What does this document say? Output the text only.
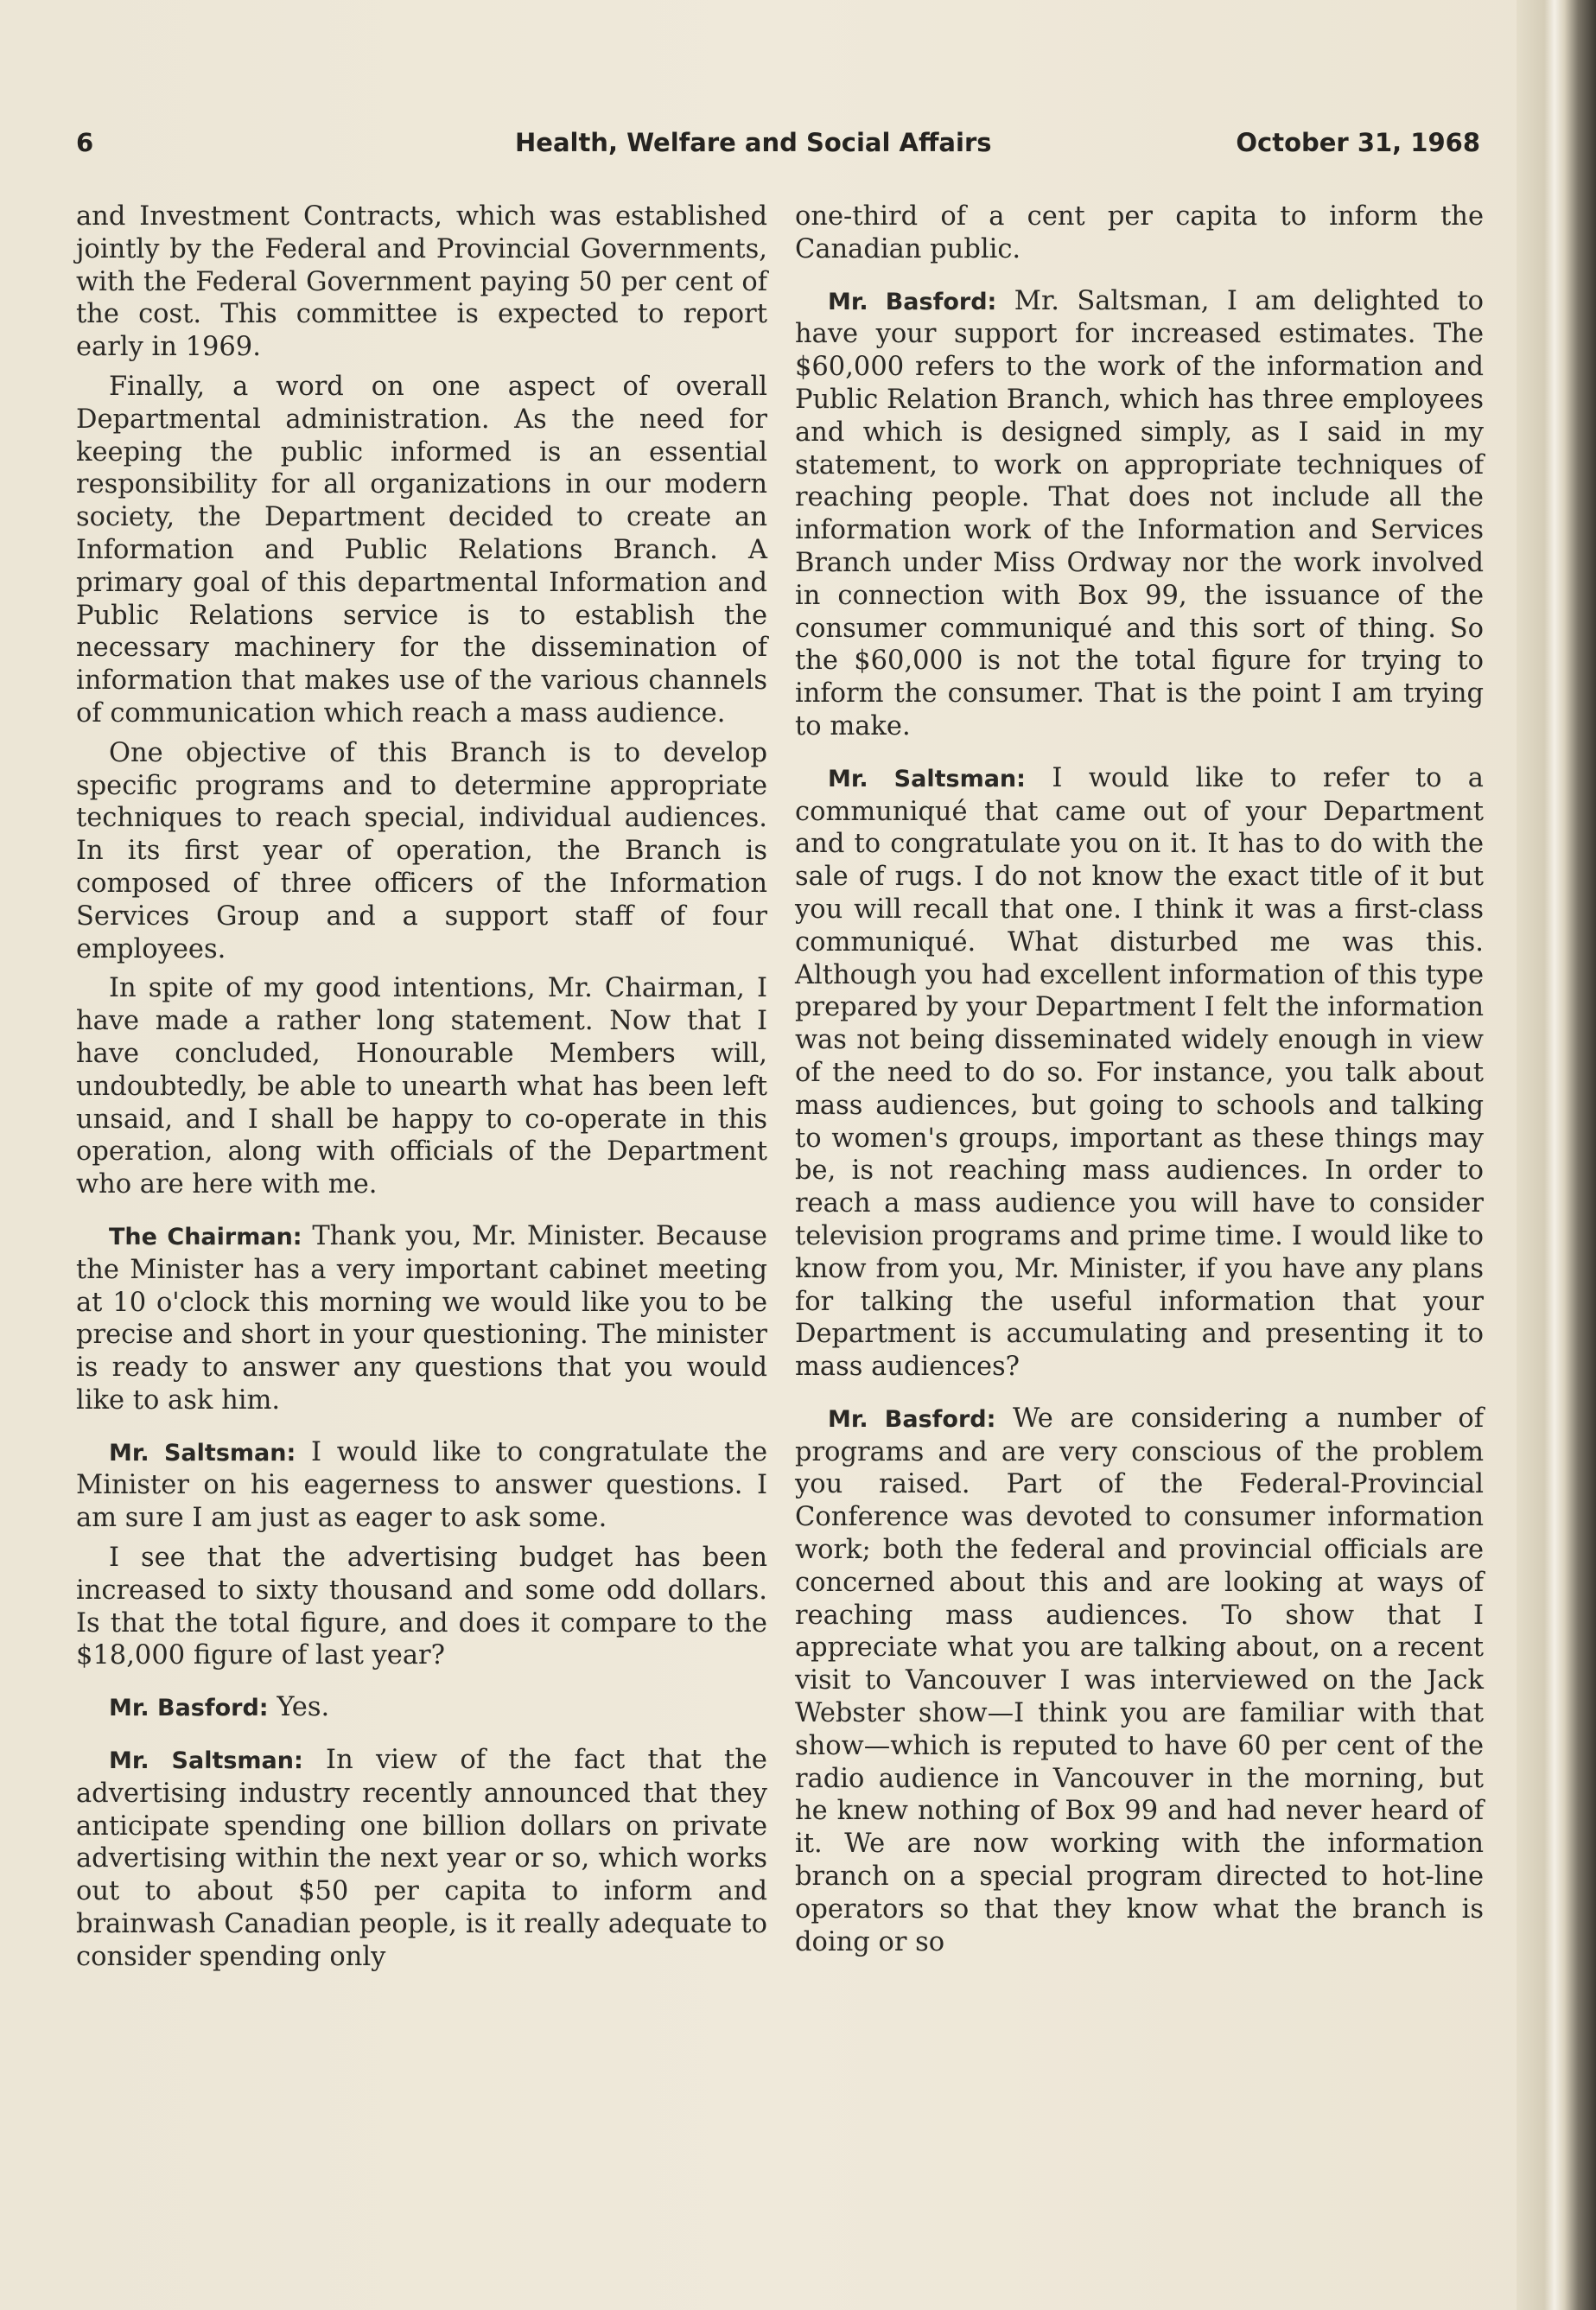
6	Health, Welfare and Social Affairs	October 31, 1968

and Investment Contracts, which was established jointly by the Federal and Provincial Governments, with the Federal Government paying 50 per cent of the cost. This committee is expected to report early in 1969.

Finally, a word on one aspect of overall Departmental administration. As the need for keeping the public informed is an essential responsibility for all organizations in our modern society, the Department decided to create an Information and Public Relations Branch. A primary goal of this departmental Information and Public Relations service is to establish the necessary machinery for the dissemination of information that makes use of the various channels of communication which reach a mass audience.

One objective of this Branch is to develop specific programs and to determine appropriate techniques to reach special, individual audiences. In its first year of operation, the Branch is composed of three officers of the Information Services Group and a support staff of four employees.

In spite of my good intentions, Mr. Chairman, I have made a rather long statement. Now that I have concluded, Honourable Members will, undoubtedly, be able to unearth what has been left unsaid, and I shall be happy to co-operate in this operation, along with officials of the Department who are here with me.

The Chairman: Thank you, Mr. Minister. Because the Minister has a very important cabinet meeting at 10 o'clock this morning we would like you to be precise and short in your questioning. The minister is ready to answer any questions that you would like to ask him.

Mr. Saltsman: I would like to congratulate the Minister on his eagerness to answer questions. I am sure I am just as eager to ask some.

I see that the advertising budget has been increased to sixty thousand and some odd dollars. Is that the total figure, and does it compare to the $18,000 figure of last year?

Mr. Basford: Yes.

Mr. Saltsman: In view of the fact that the advertising industry recently announced that they anticipate spending one billion dollars on private advertising within the next year or so, which works out to about $50 per capita to inform and brainwash Canadian people, is it really adequate to consider spending only

one-third of a cent per capita to inform the Canadian public.

Mr. Basford: Mr. Saltsman, I am delighted to have your support for increased estimates. The $60,000 refers to the work of the information and Public Relation Branch, which has three employees and which is designed simply, as I said in my statement, to work on appropriate techniques of reaching people. That does not include all the information work of the Information and Services Branch under Miss Ordway nor the work involved in connection with Box 99, the issuance of the consumer communiqué and this sort of thing. So the $60,000 is not the total figure for trying to inform the consumer. That is the point I am trying to make.

Mr. Saltsman: I would like to refer to a communiqué that came out of your Department and to congratulate you on it. It has to do with the sale of rugs. I do not know the exact title of it but you will recall that one. I think it was a first-class communiqué. What disturbed me was this. Although you had excellent information of this type prepared by your Department I felt the information was not being disseminated widely enough in view of the need to do so. For instance, you talk about mass audiences, but going to schools and talking to women's groups, important as these things may be, is not reaching mass audiences. In order to reach a mass audience you will have to consider television programs and prime time. I would like to know from you, Mr. Minister, if you have any plans for talking the useful information that your Department is accumulating and presenting it to mass audiences?

Mr. Basford: We are considering a number of programs and are very conscious of the problem you raised. Part of the Federal-Provincial Conference was devoted to consumer information work; both the federal and provincial officials are concerned about this and are looking at ways of reaching mass audiences. To show that I appreciate what you are talking about, on a recent visit to Vancouver I was interviewed on the Jack Webster show—I think you are familiar with that show—which is reputed to have 60 per cent of the radio audience in Vancouver in the morning, but he knew nothing of Box 99 and had never heard of it. We are now working with the information branch on a special program directed to hot-line operators so that they know what the branch is doing or so
